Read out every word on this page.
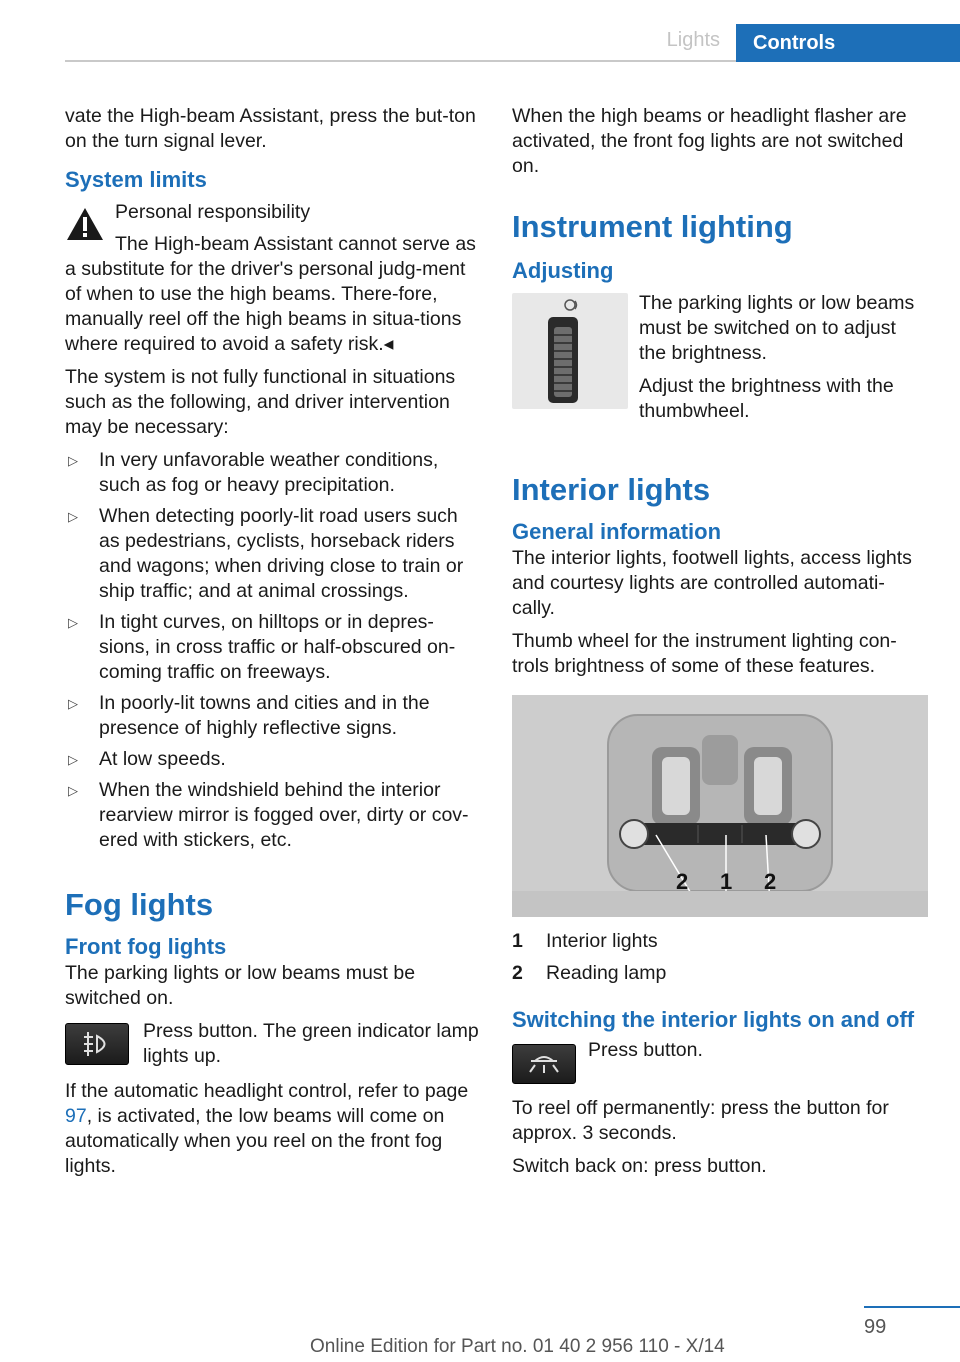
Lights	Controls

vate the High-beam Assistant, press the but‐ton on the turn signal lever.

System limits
Personal responsibility

The High-beam Assistant cannot serve as a substitute for the driver's personal judg‐ment of when to use the high beams. There‐fore, manually reel off the high beams in situa‐tions where required to avoid a safety risk.◂

The system is not fully functional in situations such as the following, and driver intervention may be necessary:

▷ In very unfavorable weather conditions, such as fog or heavy precipitation.
▷ When detecting poorly-lit road users such as pedestrians, cyclists, horseback riders and wagons; when driving close to train or ship traffic; and at animal crossings.
▷ In tight curves, on hilltops or in depres‐sions, in cross traffic or half-obscured on‐coming traffic on freeways.
▷ In poorly-lit towns and cities and in the presence of highly reflective signs.
▷ At low speeds.
▷ When the windshield behind the interior rearview mirror is fogged over, dirty or cov‐ered with stickers, etc.
Fog lights
Front fog lights

The parking lights or low beams must be switched on.

Press button. The green indicator lamp lights up.

If the automatic headlight control, refer to page 97, is activated, the low beams will come on automatically when you reel on the front fog lights.

When the high beams or headlight flasher are activated, the front fog lights are not switched on.

Instrument lighting
Adjusting

The parking lights or low beams must be switched on to adjust the brightness.

Adjust the brightness with the thumbwheel.

Interior lights
General information

The interior lights, footwell lights, access lights and courtesy lights are controlled automati‐cally.

Thumb wheel for the instrument lighting con‐trols brightness of some of these features.

2 1 2
1	Interior lights
2	Reading lamp
Switching the interior lights on and off
Press button.

To reel off permanently: press the button for approx. 3 seconds.

Switch back on: press button.

99
Online Edition for Part no. 01 40 2 956 110 - X/14
